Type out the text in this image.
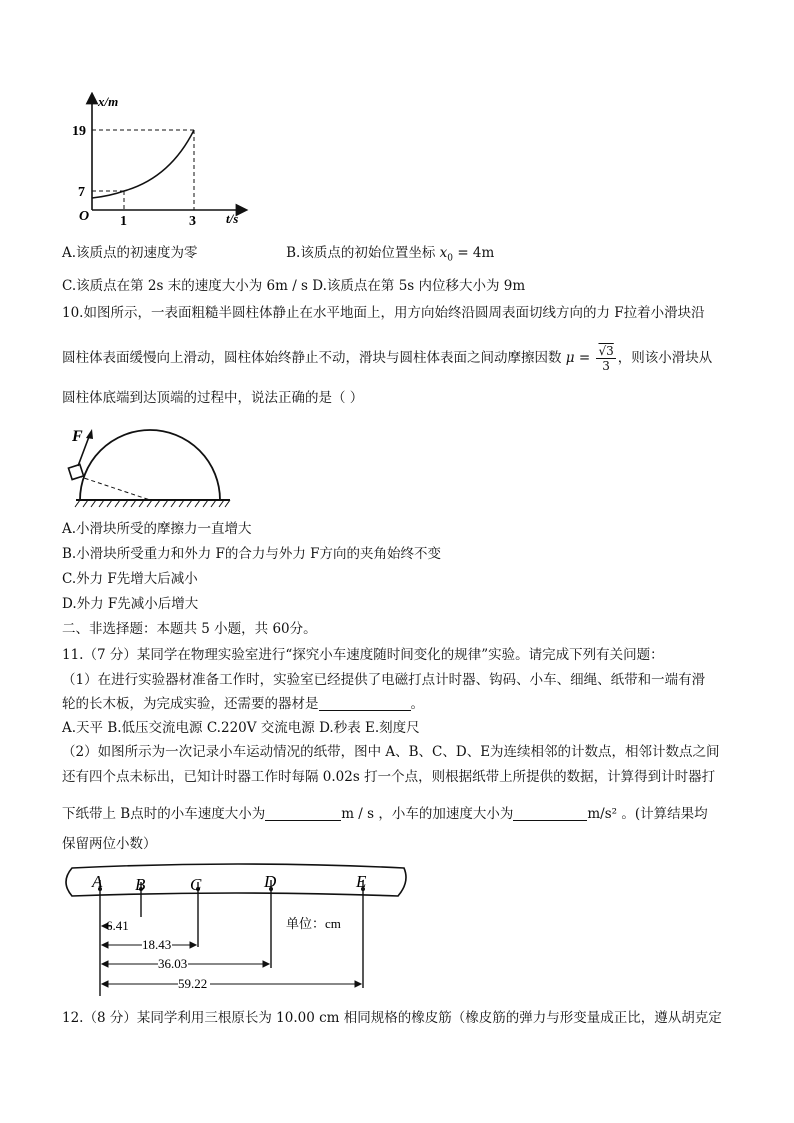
x/m
t/s
O
19
7
1	3
A.该质点的初速度为零	B.该质点的初始位置坐标 $x_0 = 4m$
C.该质点在第 2s 末的速度大小为 6m / s D.该质点在第 5s 内位移大小为 9m
10.如图所示，一表面粗糙半圆柱体静止在水平地面上，用方向始终沿圆周表面切线方向的力 F拉着小滑块沿
圆柱体表面缓慢向上滑动，圆柱体始终静止不动，滑块与圆柱体表面之间动摩擦因数 $\mu = \frac{√3}{3}$ ，则该小滑块从
圆柱体底端到达顶端的过程中，说法正确的是（ ）
F
A.小滑块所受的摩擦力一直增大
B.小滑块所受重力和外力 F的合力与外力 F方向的夹角始终不变
C.外力 F先增大后减小
D.外力 F先减小后增大
二、非选择题：本题共 5 小题，共 60分。
11.（7 分）某同学在物理实验室进行“探究小车速度随时间变化的规律”实验。请完成下列有关问题：
（1）在进行实验器材准备工作时，实验室已经提供了电磁打点计时器、钩码、小车、细绳、纸带和一端有滑
轮的长木板，为完成实验，还需要的器材是	。
A.天平 B.低压交流电源 C.220V 交流电源 D.秒表 E.刻度尺
（2）如图所示为一次记录小车运动情况的纸带，图中 A、B、C、D、E为连续相邻的计数点，相邻计数点之间
还有四个点未标出，已知计时器工作时每隔 0.02s 打一个点，则根据纸带上所提供的数据，计算得到计时器打
下纸带上 B点时的小车速度大小为	m / s ，小车的加速度大小为	m/s² 。(计算结果均
保留两位小数）
A B	C	D	E
单位：cm
6.41
18.43
36.03
59.22
12.（8 分）某同学利用三根原长为 10.00 cm 相同规格的橡皮筋（橡皮筋的弹力与形变量成正比，遵从胡克定
